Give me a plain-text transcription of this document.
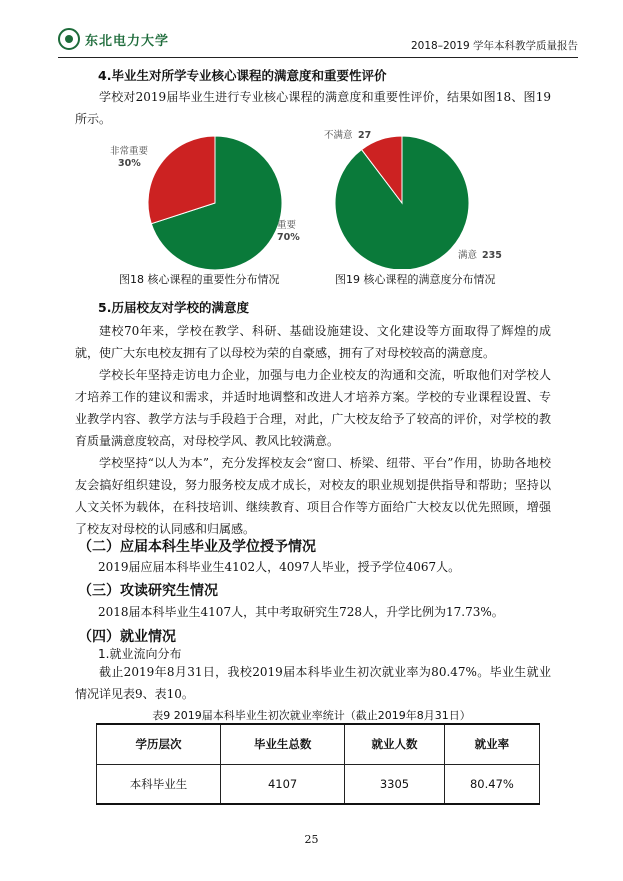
东北电力大学	2018–2019 学年本科教学质量报告
4.毕业生对所学专业核心课程的满意度和重要性评价
学校对2019届毕业生进行专业核心课程的满意度和重要性评价，结果如图18、图19所示。
非常重要
30%
重要
70%
图18 核心课程的重要性分布情况
不满意 27
满意 235
图19 核心课程的满意度分布情况
5.历届校友对学校的满意度
建校70年来，学校在教学、科研、基础设施建设、文化建设等方面取得了辉煌的成就，使广大东电校友拥有了以母校为荣的自豪感，拥有了对母校较高的满意度。
学校长年坚持走访电力企业，加强与电力企业校友的沟通和交流，听取他们对学校人才培养工作的建议和需求，并适时地调整和改进人才培养方案。学校的专业课程设置、专业教学内容、教学方法与手段趋于合理，对此，广大校友给予了较高的评价，对学校的教育质量满意度较高，对母校学风、教风比较满意。
学校坚持“以人为本”，充分发挥校友会“窗口、桥梁、纽带、平台”作用，协助各地校友会搞好组织建设，努力服务校友成才成长，对校友的职业规划提供指导和帮助；坚持以人文关怀为载体，在科技培训、继续教育、项目合作等方面给广大校友以优先照顾，增强了校友对母校的认同感和归属感。
（二）应届本科生毕业及学位授予情况
2019届应届本科毕业生4102人，4097人毕业，授予学位4067人。
（三）攻读研究生情况
2018届本科毕业生4107人，其中考取研究生728人，升学比例为17.73%。
（四）就业情况
1.就业流向分布
截止2019年8月31日，我校2019届本科毕业生初次就业率为80.47%。毕业生就业情况详见表9、表10。
表9 2019届本科毕业生初次就业率统计（截止2019年8月31日）
学历层次	毕业生总数	就业人数	就业率
本科毕业生	4107	3305	80.47%
25
